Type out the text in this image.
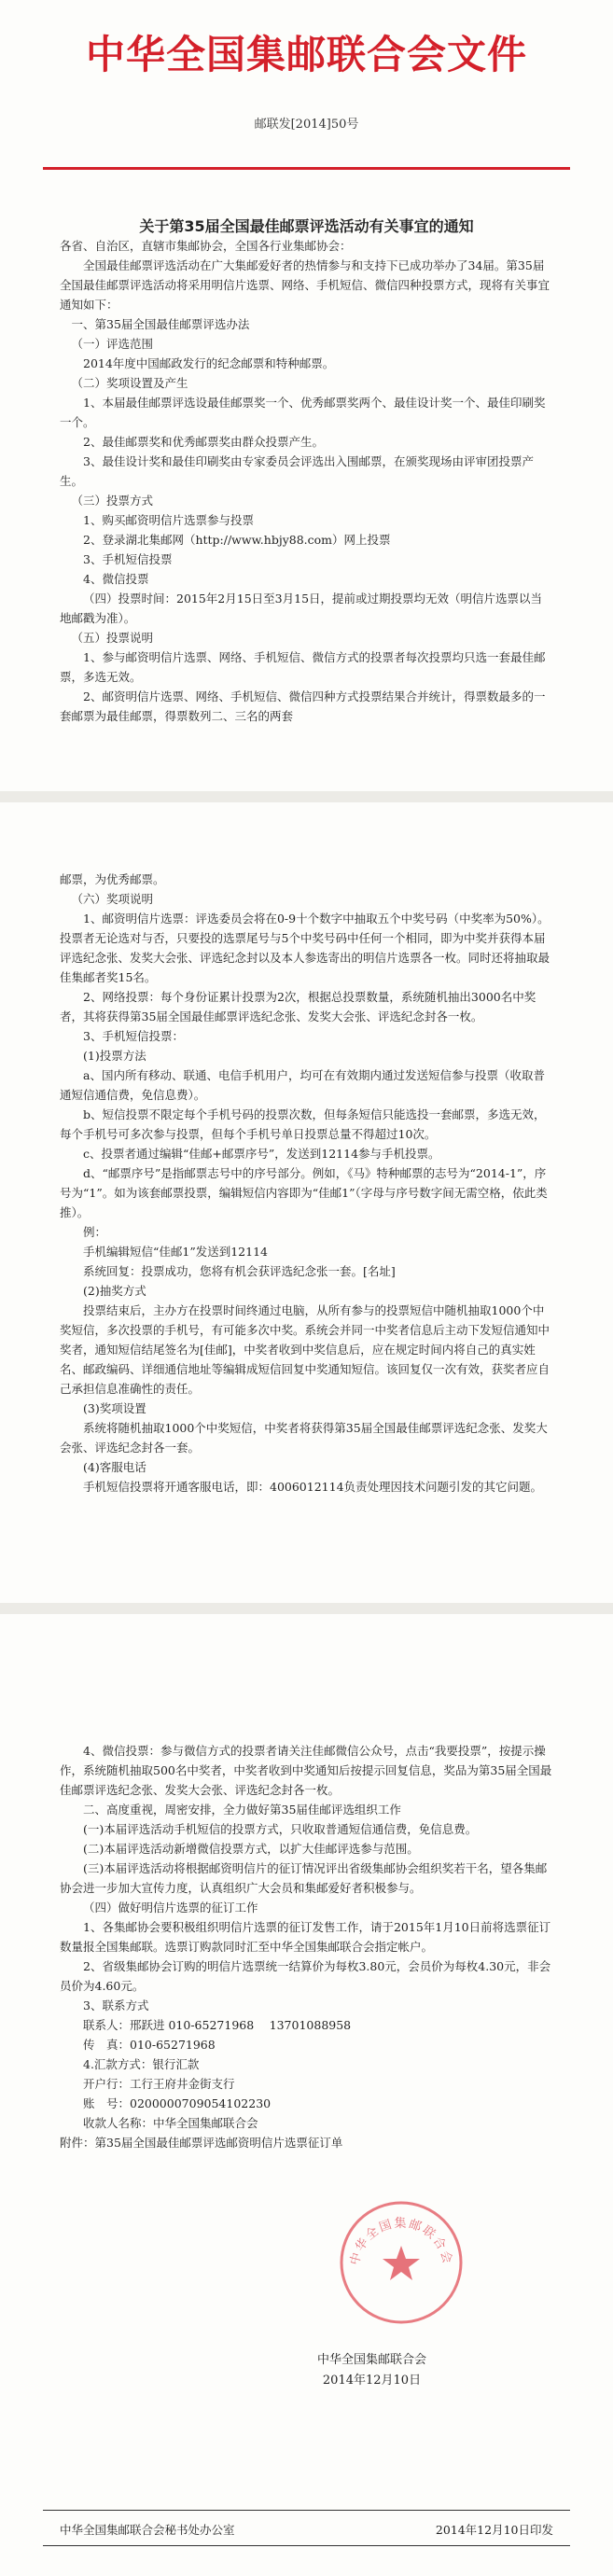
中华全国集邮联合会文件
邮联发[2014]50号
关于第35届全国最佳邮票评选活动有关事宜的通知

各省、自治区，直辖市集邮协会，全国各行业集邮协会：

全国最佳邮票评选活动在广大集邮爱好者的热情参与和支持下已成功举办了34届。第35届全国最佳邮票评选活动将采用明信片选票、网络、手机短信、微信四种投票方式，现将有关事宜通知如下：

一、第35届全国最佳邮票评选办法

（一）评选范围

2014年度中国邮政发行的纪念邮票和特种邮票。

（二）奖项设置及产生

1、本届最佳邮票评选设最佳邮票奖一个、优秀邮票奖两个、最佳设计奖一个、最佳印刷奖一个。

2、最佳邮票奖和优秀邮票奖由群众投票产生。

3、最佳设计奖和最佳印刷奖由专家委员会评选出入围邮票，在颁奖现场由评审团投票产生。

（三）投票方式

1、购买邮资明信片选票参与投票

2、登录湖北集邮网（http://www.hbjy88.com）网上投票

3、手机短信投票

4、微信投票

（四）投票时间：2015年2月15日至3月15日，提前或过期投票均无效（明信片选票以当地邮戳为准）。

（五）投票说明

1、参与邮资明信片选票、网络、手机短信、微信方式的投票者每次投票均只选一套最佳邮票，多选无效。

2、邮资明信片选票、网络、手机短信、微信四种方式投票结果合并统计，得票数最多的一套邮票为最佳邮票，得票数列二、三名的两套

邮票，为优秀邮票。

（六）奖项说明

1、邮资明信片选票：评选委员会将在0-9十个数字中抽取五个中奖号码（中奖率为50%）。投票者无论选对与否，只要投的选票尾号与5个中奖号码中任何一个相同，即为中奖并获得本届评选纪念张、发奖大会张、评选纪念封以及本人参选寄出的明信片选票各一枚。同时还将抽取最佳集邮者奖15名。

2、网络投票：每个身份证累计投票为2次，根据总投票数量，系统随机抽出3000名中奖者，其将获得第35届全国最佳邮票评选纪念张、发奖大会张、评选纪念封各一枚。

3、手机短信投票：

(1)投票方法

a、国内所有移动、联通、电信手机用户，均可在有效期内通过发送短信参与投票（收取普通短信通信费，免信息费）。

b、短信投票不限定每个手机号码的投票次数，但每条短信只能选投一套邮票，多选无效，每个手机号可多次参与投票，但每个手机号单日投票总量不得超过10次。

c、投票者通过编辑“佳邮+邮票序号”，发送到12114参与手机投票。

d、“邮票序号”是指邮票志号中的序号部分。例如，《马》特种邮票的志号为“2014-1”，序号为“1”。如为该套邮票投票，编辑短信内容即为“佳邮1”（字母与序号数字间无需空格，依此类推）。

例：

手机编辑短信“佳邮1”发送到12114

系统回复：投票成功，您将有机会获评选纪念张一套。[名址]

(2)抽奖方式

投票结束后，主办方在投票时间终通过电脑，从所有参与的投票短信中随机抽取1000个中奖短信，多次投票的手机号，有可能多次中奖。系统会并同一中奖者信息后主动下发短信通知中奖者，通知短信结尾签名为[佳邮]，中奖者收到中奖信息后，应在规定时间内将自己的真实姓名、邮政编码、详细通信地址等编辑成短信回复中奖通知短信。该回复仅一次有效，获奖者应自己承担信息准确性的责任。

(3)奖项设置

系统将随机抽取1000个中奖短信，中奖者将获得第35届全国最佳邮票评选纪念张、发奖大会张、评选纪念封各一套。

(4)客服电话

手机短信投票将开通客服电话，即：4006012114负责处理因技术问题引发的其它问题。

4、微信投票：参与微信方式的投票者请关注佳邮微信公众号，点击“我要投票”，按提示操作，系统随机抽取500名中奖者，中奖者收到中奖通知后按提示回复信息，奖品为第35届全国最佳邮票评选纪念张、发奖大会张、评选纪念封各一枚。

二、高度重视，周密安排，全力做好第35届佳邮评选组织工作

(一)本届评选活动手机短信的投票方式，只收取普通短信通信费，免信息费。

(二)本届评选活动新增微信投票方式，以扩大佳邮评选参与范围。

(三)本届评选活动将根据邮资明信片的征订情况评出省级集邮协会组织奖若干名，望各集邮协会进一步加大宣传力度，认真组织广大会员和集邮爱好者积极参与。

（四）做好明信片选票的征订工作

1、各集邮协会要积极组织明信片选票的征订发售工作，请于2015年1月10日前将选票征订数量报全国集邮联。选票订购款同时汇至中华全国集邮联合会指定帐户。

2、省级集邮协会订购的明信片选票统一结算价为每枚3.80元，会员价为每枚4.30元，非会员价为4.60元。

3、联系方式

联系人：邢跃进 010-65271968　 13701088958

传　真：010-65271968

4.汇款方式：银行汇款

开户行：工行王府井金街支行

账　号：0200000709054102230

收款人名称：中华全国集邮联合会

附件：第35届全国最佳邮票评选邮资明信片选票征订单

中华全国集邮联合会
中华全国集邮联合会
2014年12月10日
中华全国集邮联合会秘书处办公室	2014年12月10日印发
